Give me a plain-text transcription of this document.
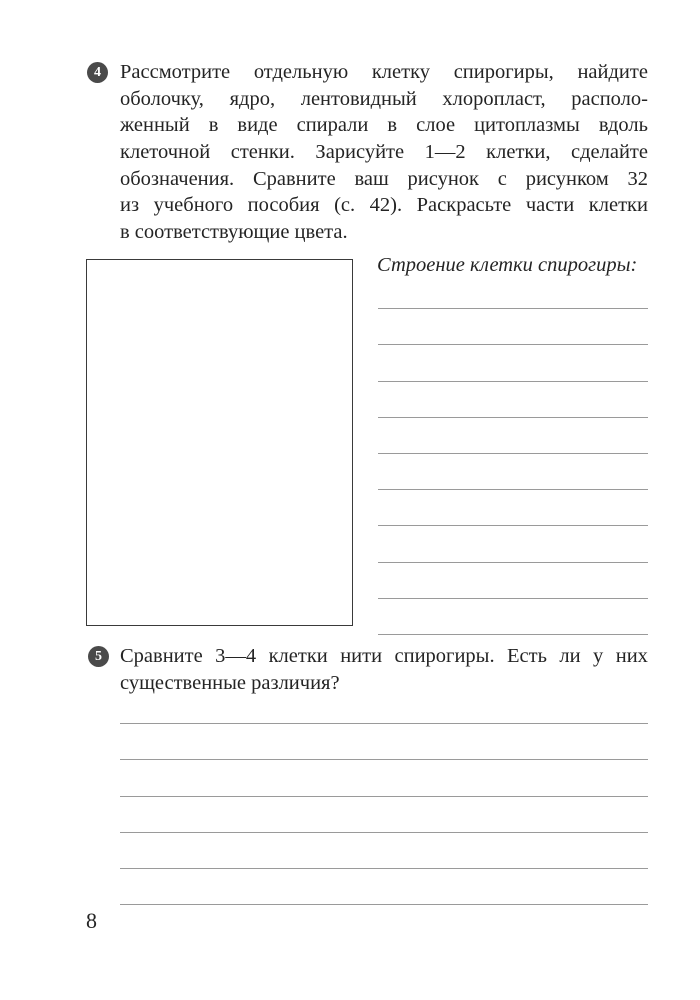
4 Рассмотрите отдельную клетку спирогиры, найдите
оболочку, ядро, лентовидный хлоропласт, располо-
женный в виде спирали в слое цитоплазмы вдоль
клеточной стенки. Зарисуйте 1—2 клетки, сделайте
обозначения. Сравните ваш рисунок с рисунком 32
из учебного пособия (с. 42). Раскрасьте части клетки
в соответствующие цвета.
Строение клетки спирогиры:
5 Сравните 3—4 клетки нити спирогиры. Есть ли у них
существенные различия?
8
